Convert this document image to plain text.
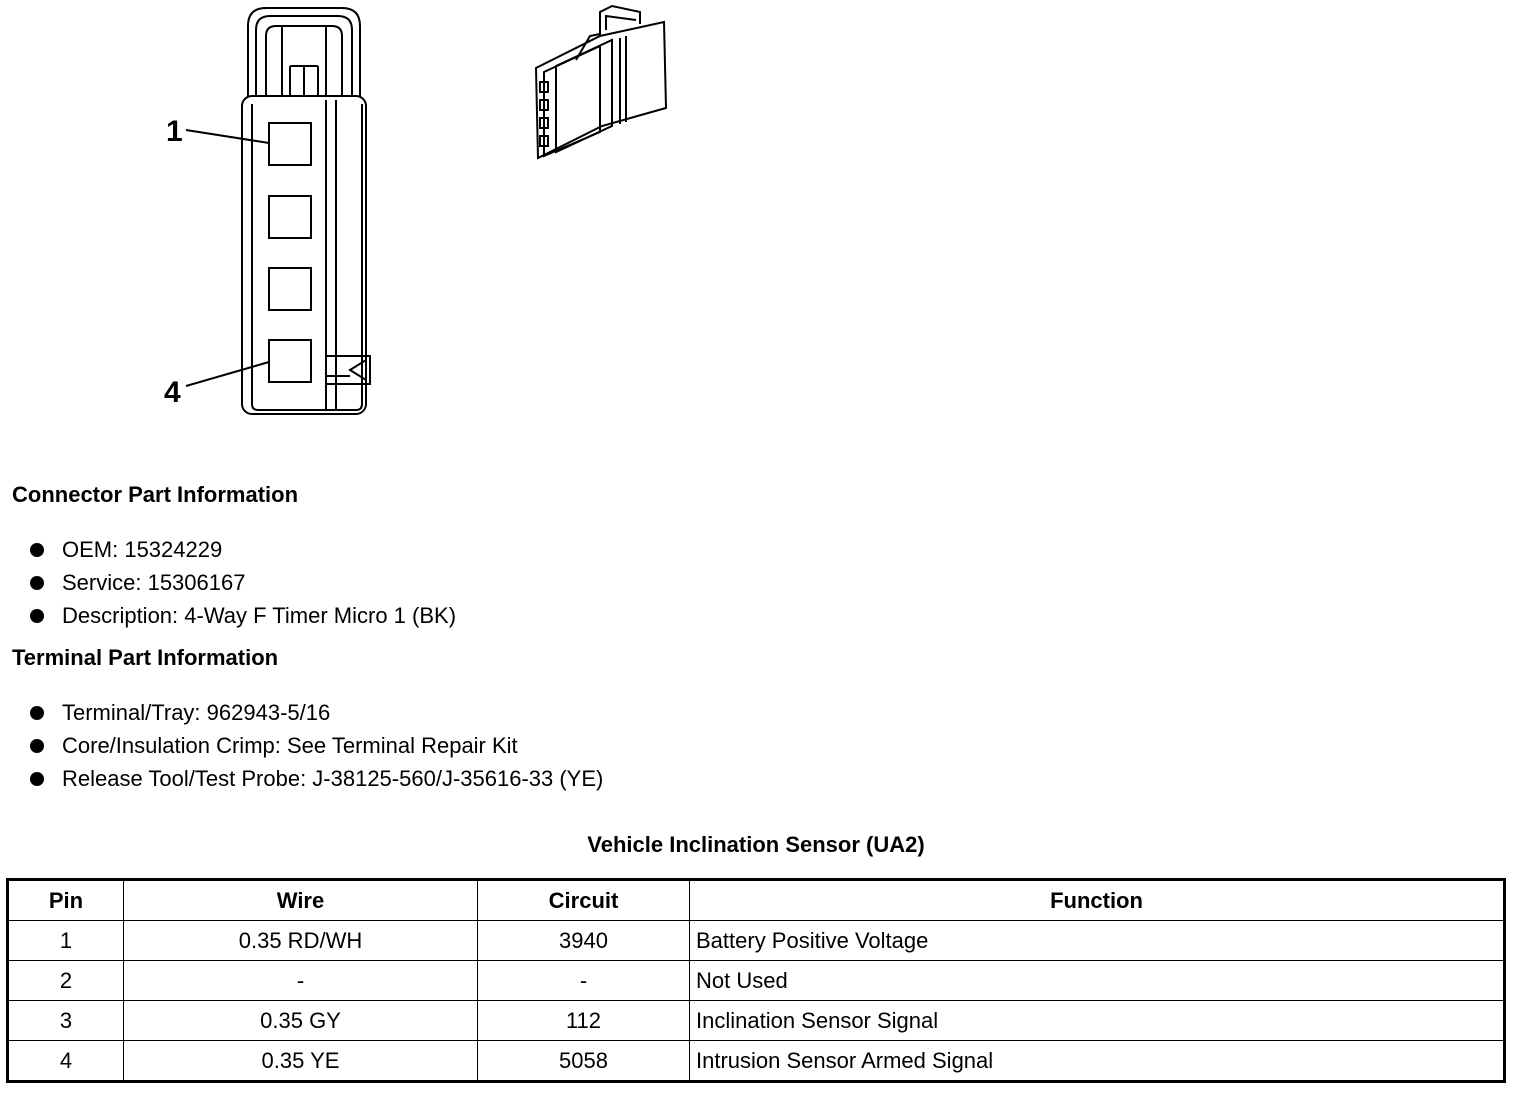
1
4
Connector Part Information
OEM: 15324229
Service: 15306167
Description: 4-Way F Timer Micro 1 (BK)
Terminal Part Information
Terminal/Tray: 962943-5/16
Core/Insulation Crimp: See Terminal Repair Kit
Release Tool/Test Probe: J-38125-560/J-35616-33 (YE)
Vehicle Inclination Sensor (UA2)
Pin	Wire	Circuit	Function
1	0.35 RD/WH	3940	Battery Positive Voltage
2	-	-	Not Used
3	0.35 GY	112	Inclination Sensor Signal
4	0.35 YE	5058	Intrusion Sensor Armed Signal
